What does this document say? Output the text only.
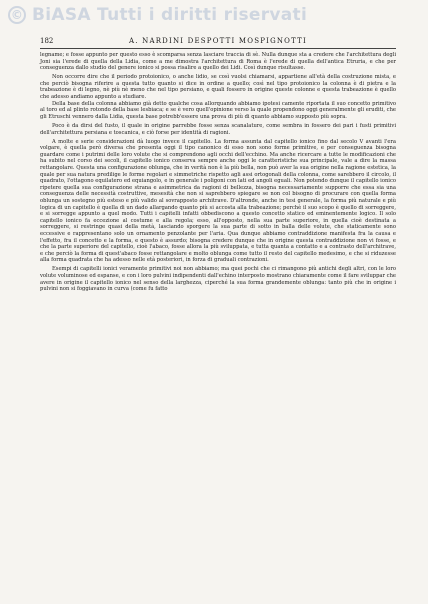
© BiASA Tutti i diritti riservati
182	A. NARDINI DESPOTTI MOSPIGNOTTI

legname; e fosse appunto per questo esso è scomparsa senza lasciare traccia di sè. Nulla dunque sta a credere che l'architettura degli Joni sia l'erede di quella della Lidia, come a me dimostra l'architettura di Roma è l'erede di quella dell'antica Etruria, e che per conseguenza dallo studio del genere ionico si possa risalire a quello dei Lidi. Così dunque risultasse.

Non occorre dire che il periodo protoionico, o anche lidio, se così vuolsi chiamarsi, appartiene all'età della costruzione mista, e che perciò bisogna riferire a questa tutto quanto si dice in ordine a quello; così nel tipo protoionico la colonna è di pietra e la trabeazione è di legno, nè più nè meno che nel tipo persiano, e quali fossero in origine queste colonne e questa trabeazione è quello che adesso andiamo appunto a studiare.

Della base della colonna abbiamo già detto qualche cosa allorquando abbiamo ipotesi camente riportata il suo concetto primitivo al toro ed al plinto rotondo della base lesbiaca; e se è vero quell'opinione verso la quale propendono oggi generalmente gli eruditi, che gli Etruschi vennero dalla Lidia, questa base potrebb'essere una prova di più di quanto abbiamo supposto più sopra.

Poco è da dirsi del fusto, il quale in origine parrebbe fosse senza scanalature, come sembra in fossero dei pari i fusti primitivi dell'architettura persiana e toscanica, e ciò forse per identità di ragioni.

A molte e serie considerazioni dà luogo invece il capitello. La forma assunta dal capitello ionico fino dal secolo V avanti l'era volgare, è quella però diversa che presenta oggi il tipo canonico di esso non sono forme primitive, e per conseguenza bisogna guardare come i putrimi delle loro volute che si comprendono agli occhi dell'ecchino. Ma anche ricercare a tutte le modificazioni che ha subito nel corso dei secoli, il capitello ionico conserva sempre anche oggi le caratteristiche sua principale, vale a dire la massa rettangolare. Questa una configurazione oblunga, che in verità non è la più bella, non può aver la sua origine nella ragione estetica, la quale per sua natura predilige le forme regolari e simmetriche rispetto agli assi ortogonali della colonna, come sarebbero il circolo, il quadrato, l'ottagono equilatero ed equiangolo, e in generale i poligoni con lati ed angoli eguali. Non potendo dunque il capitello ionico ripetere quella sua configurazione strana e asimmetrica da ragioni di bellezza, bisogna necessariamente supporre che essa sia una conseguenza delle necessità costruttive, mesesità che non si saprebbero spiegare se non col bisogno di procurare con quella forma oblunga un sostegno più esteso e più valido al sovrapposto architrave. D'altronde, anche in tesi generale, la forma più naturale e più logica di un capitello è quella di un dado allargando quanto più si accosta alla trabeazione; perchè il suo scopo è quello di sorreggere, e si sorregge appunto a quel modo. Tutti i capitelli infatti obbediscono a questo concetto statico ed eminentemente logico. Il solo capitello ionico fa eccezione al costume e alla regola; esso, all'opposto, nella sua parte superiore, in quella cioè destinata a sorreggere, si restringe quasi della metà, lasciando sporgere la sua parte di sotto in balla delle volute, che staticamente sono eccessive e rappresentano solo un ornamento penzolante per l'aria. Qua dunque abbiamo contraddizione manifesta fra la causa e l'effetto, fra il concetto e la forma, e questo è assurdo; bisogna credere dunque che in origine questa contraddizione non vi fosse, e che la parte superiore del capitello, cioè l'abaco, fosse allora la più sviluppata, e tutta quanta a contatto e a contrasto dell'architrave, e che perciò la forma di quest'abaco fosse rettangolare e molto oblunga come tutto il resto del capitello medesimo, e che si riduzesse alla forma quadrata che ha adesso nelle età posteriori, in forza di graduali contrazioni.

Esempi di capitelli ionici veramente primitivi noi non abbiamo; ma quei pochi che ci rimangono più antichi degli altri, con le loro volute voluminose ed espanse, e con i loro pulvini indipendenti dall'echino interposto mostrano chiaramente come il fare sviluppar che avere in origine il capitello ionico nel senso della larghezza, ciperché la sua forma grandemente oblunga: tanto più che in origine i pulvini non si foggiavano in curva (come fu fatto
